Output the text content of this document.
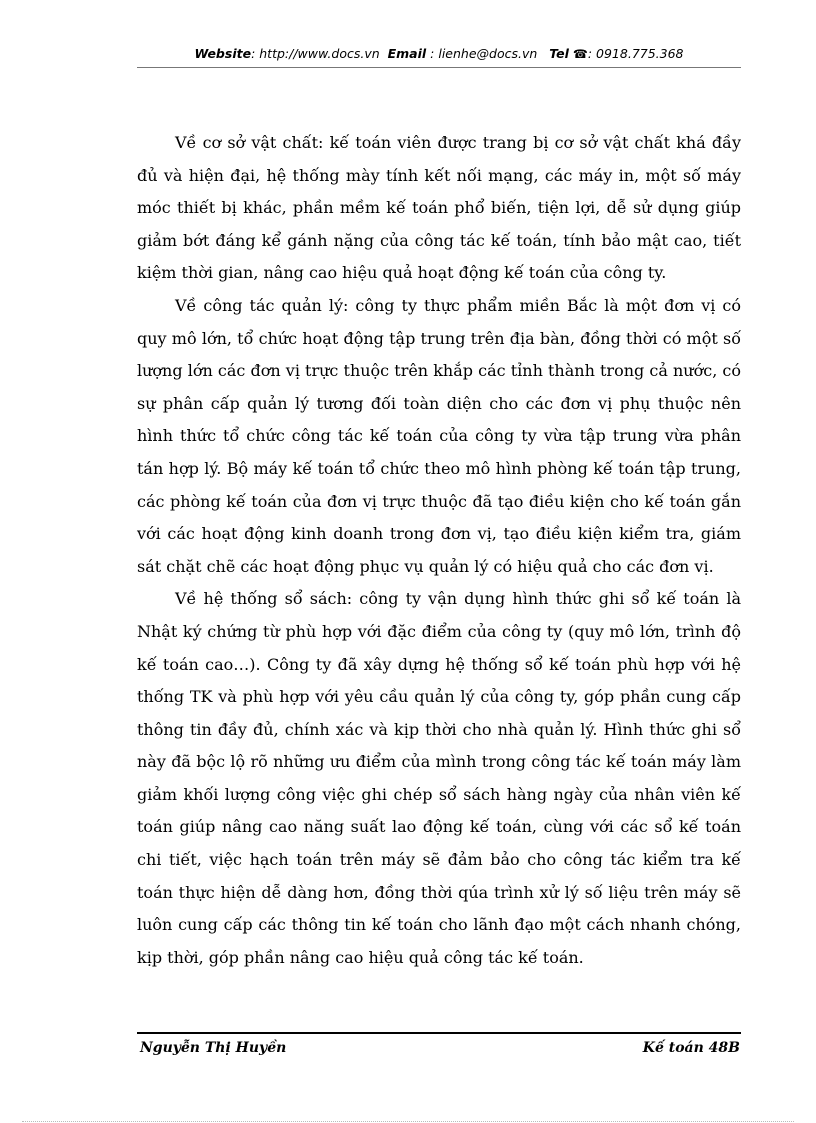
Website: http://www.docs.vn Email : lienhe@docs.vn Tel ☎: 0918.775.368

Về cơ sở vật chất: kế toán viên được trang bị cơ sở vật chất khá đầy đủ và hiện đại, hệ thống mày tính kết nối mạng, các máy in, một số máy móc thiết bị khác, phần mềm kế toán phổ biến, tiện lợi, dễ sử dụng giúp giảm bớt đáng kể gánh nặng của công tác kế toán, tính bảo mật cao, tiết kiệm thời gian, nâng cao hiệu quả hoạt động kế toán của công ty.

Về công tác quản lý: công ty thực phẩm miền Bắc là một đơn vị có quy mô lớn, tổ chức hoạt động tập trung trên địa bàn, đồng thời có một số lượng lớn các đơn vị trực thuộc trên khắp các tỉnh thành trong cả nước, có sự phân cấp quản lý tương đối toàn diện cho các đơn vị phụ thuộc nên hình thức tổ chức công tác kế toán của công ty vừa tập trung vừa phân tán hợp lý. Bộ máy kế toán tổ chức theo mô hình phòng kế toán tập trung, các phòng kế toán của đơn vị trực thuộc đã tạo điều kiện cho kế toán gắn với các hoạt động kinh doanh trong đơn vị, tạo điều kiện kiểm tra, giám sát chặt chẽ các hoạt động phục vụ quản lý có hiệu quả cho các đơn vị.

Về hệ thống sổ sách: công ty vận dụng hình thức ghi sổ kế toán là Nhật ký chứng từ phù hợp với đặc điểm của công ty (quy mô lớn, trình độ kế toán cao…). Công ty đã xây dựng hệ thống sổ kế toán phù hợp với hệ thống TK và phù hợp với yêu cầu quản lý của công ty, góp phần cung cấp thông tin đầy đủ, chính xác và kịp thời cho nhà quản lý. Hình thức ghi sổ này đã bộc lộ rõ những ưu điểm của mình trong công tác kế toán máy làm giảm khối lượng công việc ghi chép sổ sách hàng ngày của nhân viên kế toán giúp nâng cao năng suất lao động kế toán, cùng với các sổ kế toán chi tiết, việc hạch toán trên máy sẽ đảm bảo cho công tác kiểm tra kế toán thực hiện dễ dàng hơn, đồng thời qúa trình xử lý số liệu trên máy sẽ luôn cung cấp các thông tin kế toán cho lãnh đạo một cách nhanh chóng, kịp thời, góp phần nâng cao hiệu quả công tác kế toán.

Nguyễn Thị Huyền	Kế toán 48B
